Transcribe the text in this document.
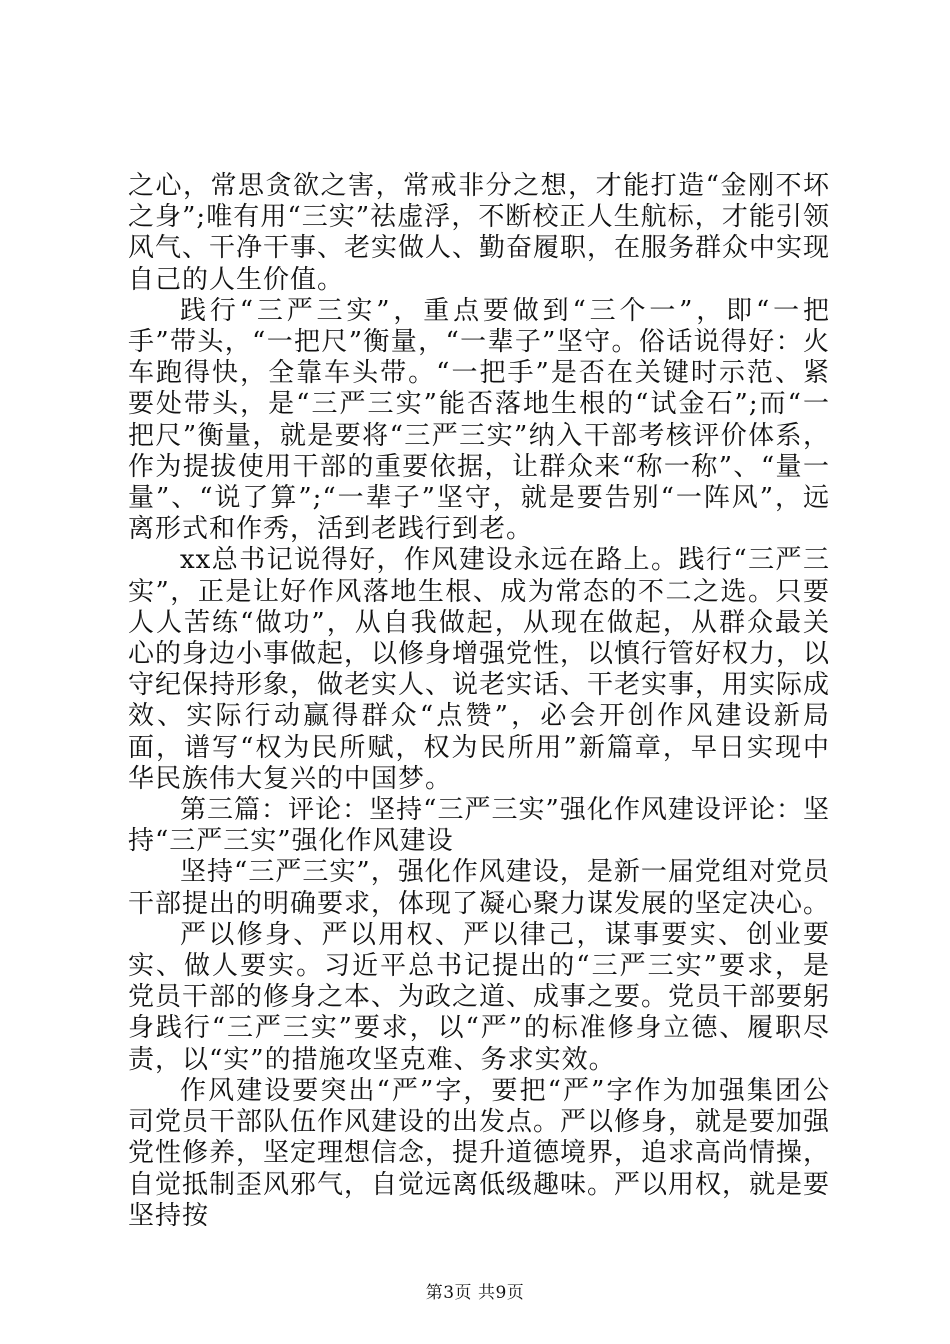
之心，常思贪欲之害，常戒非分之想，才能打造“金刚不坏之身”;唯有用“三实”祛虚浮，不断校正人生航标，才能引领风气、干净干事、老实做人、勤奋履职，在服务群众中实现自己的人生价值。

践行“三严三实”，重点要做到“三个一”，即“一把手”带头，“一把尺”衡量，“一辈子”坚守。俗话说得好：火车跑得快，全靠车头带。“一把手”是否在关键时示范、紧要处带头，是“三严三实”能否落地生根的“试金石”;而“一把尺”衡量，就是要将“三严三实”纳入干部考核评价体系，作为提拔使用干部的重要依据，让群众来“称一称”、“量一量”、“说了算”;“一辈子”坚守，就是要告别“一阵风”，远离形式和作秀，活到老践行到老。

xx总书记说得好，作风建设永远在路上。践行“三严三实”，正是让好作风落地生根、成为常态的不二之选。只要人人苦练“做功”，从自我做起，从现在做起，从群众最关心的身边小事做起，以修身增强党性，以慎行管好权力，以守纪保持形象，做老实人、说老实话、干老实事，用实际成效、实际行动赢得群众“点赞”，必会开创作风建设新局面，谱写“权为民所赋，权为民所用”新篇章，早日实现中华民族伟大复兴的中国梦。

第三篇：评论：坚持“三严三实”强化作风建设评论：坚持“三严三实”强化作风建设

坚持“三严三实”，强化作风建设，是新一届党组对党员干部提出的明确要求，体现了凝心聚力谋发展的坚定决心。

严以修身、严以用权、严以律己，谋事要实、创业要实、做人要实。习近平总书记提出的“三严三实”要求，是党员干部的修身之本、为政之道、成事之要。党员干部要躬身践行“三严三实”要求，以“严”的标准修身立德、履职尽责，以“实”的措施攻坚克难、务求实效。

作风建设要突出“严”字，要把“严”字作为加强集团公司党员干部队伍作风建设的出发点。严以修身，就是要加强党性修养，坚定理想信念，提升道德境界，追求高尚情操，自觉抵制歪风邪气，自觉远离低级趣味。严以用权，就是要坚持按

第3页 共9页
